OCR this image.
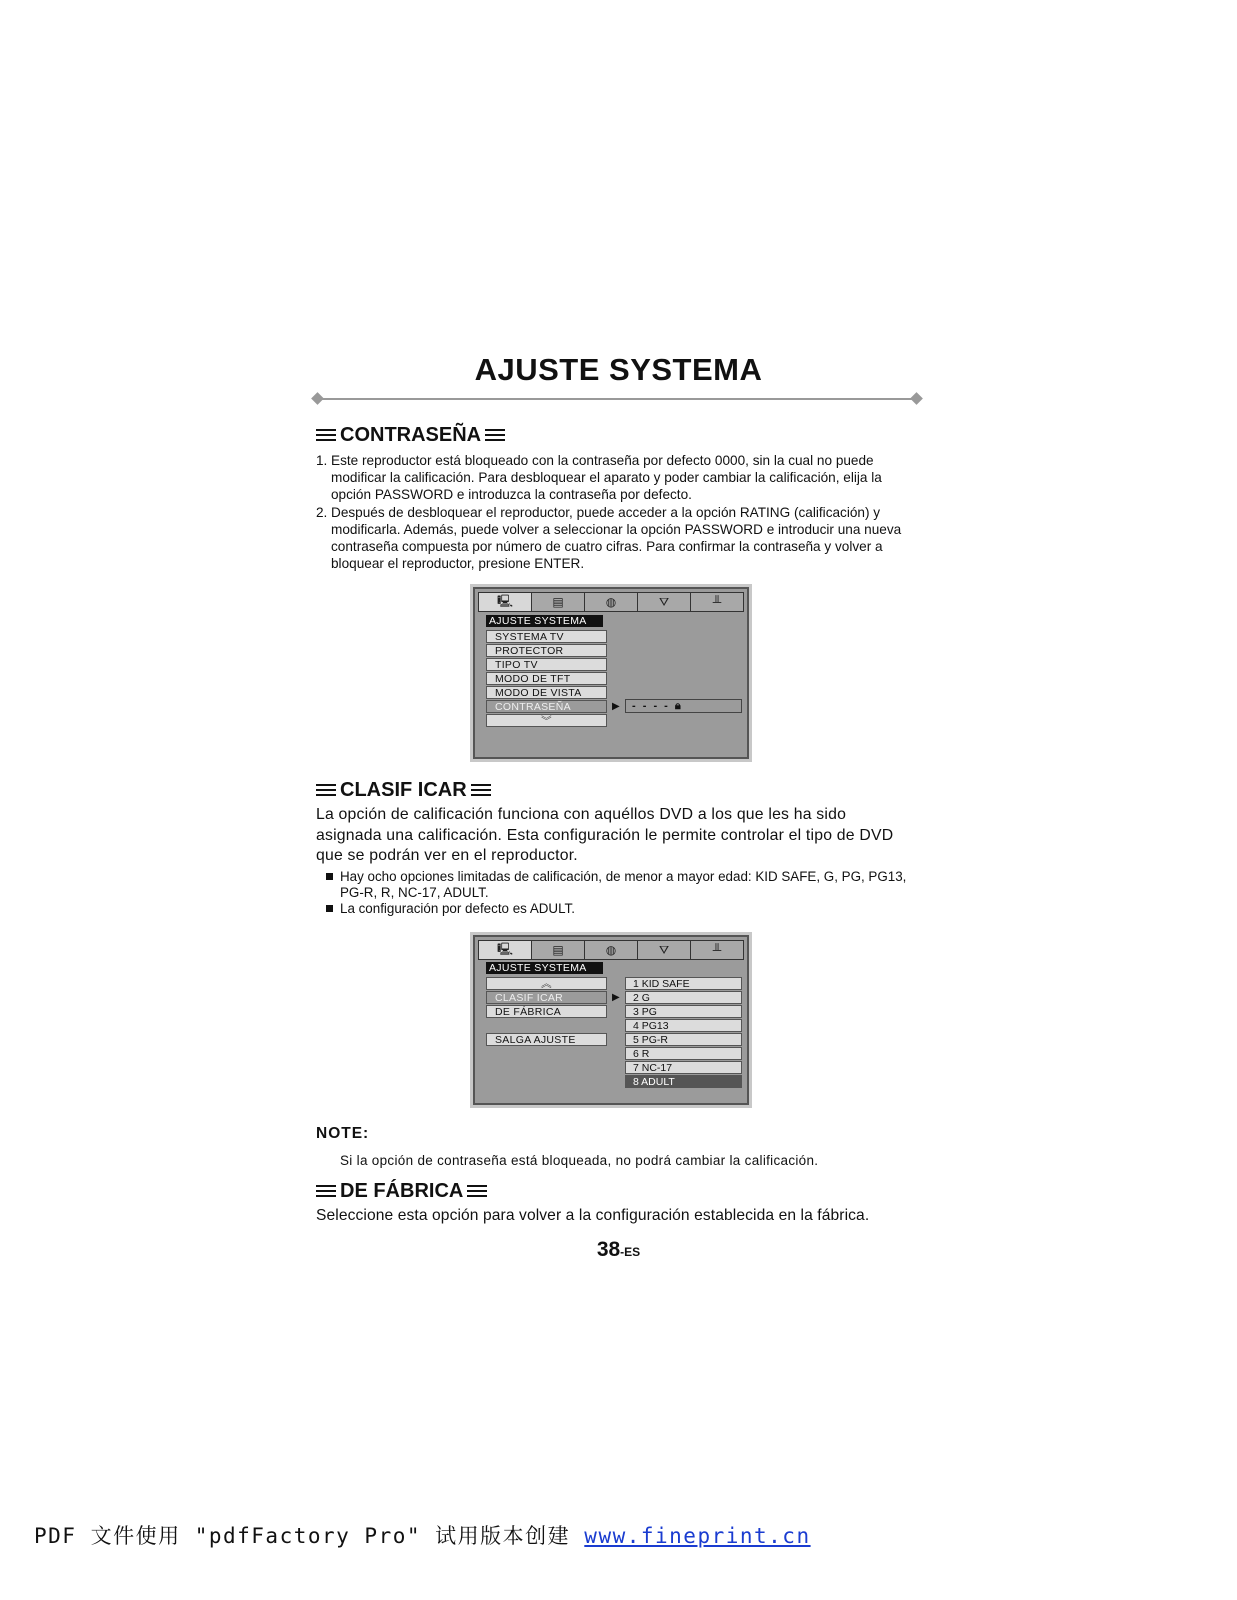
AJUSTE SYSTEMA
CONTRASEÑA
1. Este reproductor está bloqueado con la contraseña por defecto 0000, sin la cual no puede modificar la calificación. Para desbloquear el aparato y poder cambiar la calificación, elija la opción PASSWORD e introduzca la contraseña por defecto.
2. Después de desbloquear el reproductor, puede acceder a la opción RATING (calificación) y modificarla. Además, puede volver a seleccionar la opción PASSWORD e introducir una nueva contraseña compuesta por número de cuatro cifras. Para confirmar la contraseña y volver a bloquear el reproductor, presione ENTER.
🖳	▤	◍	⛛	╨
AJUSTE SYSTEMA
SYSTEMA TV
PROTECTOR
TIPO TV
MODO DE TFT
MODO DE VISTA
CONTRASEÑA
︾
▶	- - - - 🔒︎
CLASIF ICAR
La opción de calificación funciona con aquéllos DVD a los que les ha sido asignada una calificación. Esta configuración le permite controlar el tipo de DVD que se podrán ver en el reproductor.
Hay ocho opciones limitadas de calificación, de menor a mayor edad: KID SAFE, G, PG, PG13, PG-R, R, NC-17, ADULT.
La configuración por defecto es ADULT.
🖳	▤	◍	⛛	╨
AJUSTE SYSTEMA
︽
CLASIF ICAR
DE FÁBRICA
SALGA AJUSTE
▶
1 KID SAFE
2 G
3 PG
4 PG13
5 PG-R
6 R
7 NC-17
8 ADULT
NOTE:
Si la opción de contraseña está bloqueada, no podrá cambiar la calificación.
DE FÁBRICA
Seleccione esta opción para volver a la configuración establecida en la fábrica.
38-ES
PDF 文件使用 "pdfFactory Pro" 试用版本创建 www.fineprint.cn
